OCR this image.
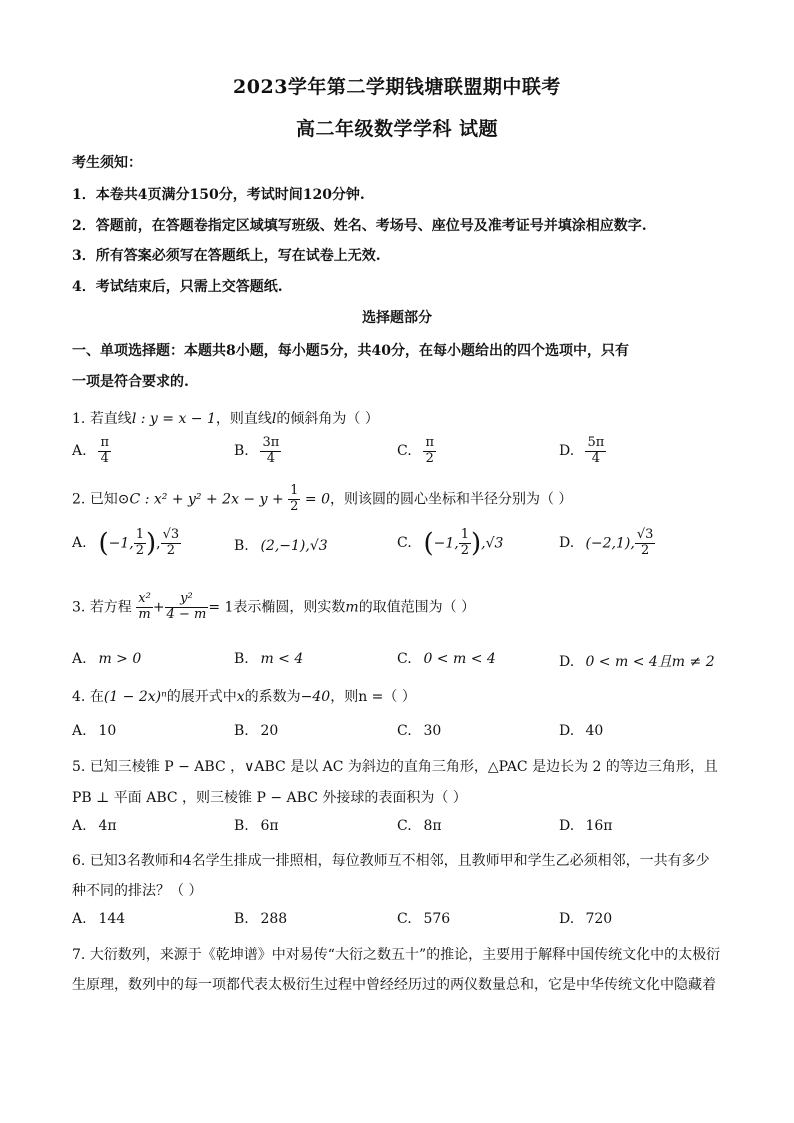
2023学年第二学期钱塘联盟期中联考
高二年级数学学科 试题
考生须知：
1．本卷共4页满分150分，考试时间120分钟.
2．答题前，在答题卷指定区域填写班级、姓名、考场号、座位号及准考证号并填涂相应数字.
3．所有答案必须写在答题纸上，写在试卷上无效.
4．考试结束后，只需上交答题纸.
选择题部分
一、单项选择题：本题共8小题，每小题5分，共40分，在每小题给出的四个选项中，只有
一项是符合要求的.
1. 若直线l : y = x − 1，则直线l的倾斜角为（ ）
A. $\frac{\pi}{4}$	B. $\frac{3\pi}{4}$	C. $\frac{\pi}{2}$	D. $\frac{5\pi}{4}$
2. 已知⊙C : $x^2 + y^2 + 2x - y + \frac{1}{2} = 0$，则该圆的圆心坐标和半径分别为（ ）
A. (−1, $\frac{1}{2}$ ), $\frac{√3}{2}$	B. (2,−1),√3	C. (−1, $\frac{1}{2} ),√3$	D. (−2,1), $\frac{√3}{2}$
3. 若方程 $\frac{\text{x²}}{m} + \frac{\text{y²}}{4 - m} = 1$表示椭圆，则实数m的取值范围为（ ）
A. m > 0	B. m < 4	C. 0 < m < 4	D. 0 < m < 4且m ≠ 2
4. 在(1 − 2x)ⁿ的展开式中x的系数为−40，则n =（ ）
A. 10	B. 20	C. 30	D. 40
5. 已知三棱锥 P − ABC ，∨ABC 是以 AC 为斜边的直角三角形，△PAC 是边长为 2 的等边三角形，且
PB ⊥ 平面 ABC ，则三棱锥 P − ABC 外接球的表面积为（ ）
A. 4π	B. 6π	C. 8π	D. 16π
6. 已知3名教师和4名学生排成一排照相，每位教师互不相邻，且教师甲和学生乙必须相邻，一共有多少
种不同的排法？（ ）
A. 144	B. 288	C. 576	D. 720
7. 大衍数列，来源于《乾坤谱》中对易传“大衍之数五十”的推论，主要用于解释中国传统文化中的太极衍
生原理，数列中的每一项都代表太极衍生过程中曾经经历过的两仪数量总和，它是中华传统文化中隐藏着
